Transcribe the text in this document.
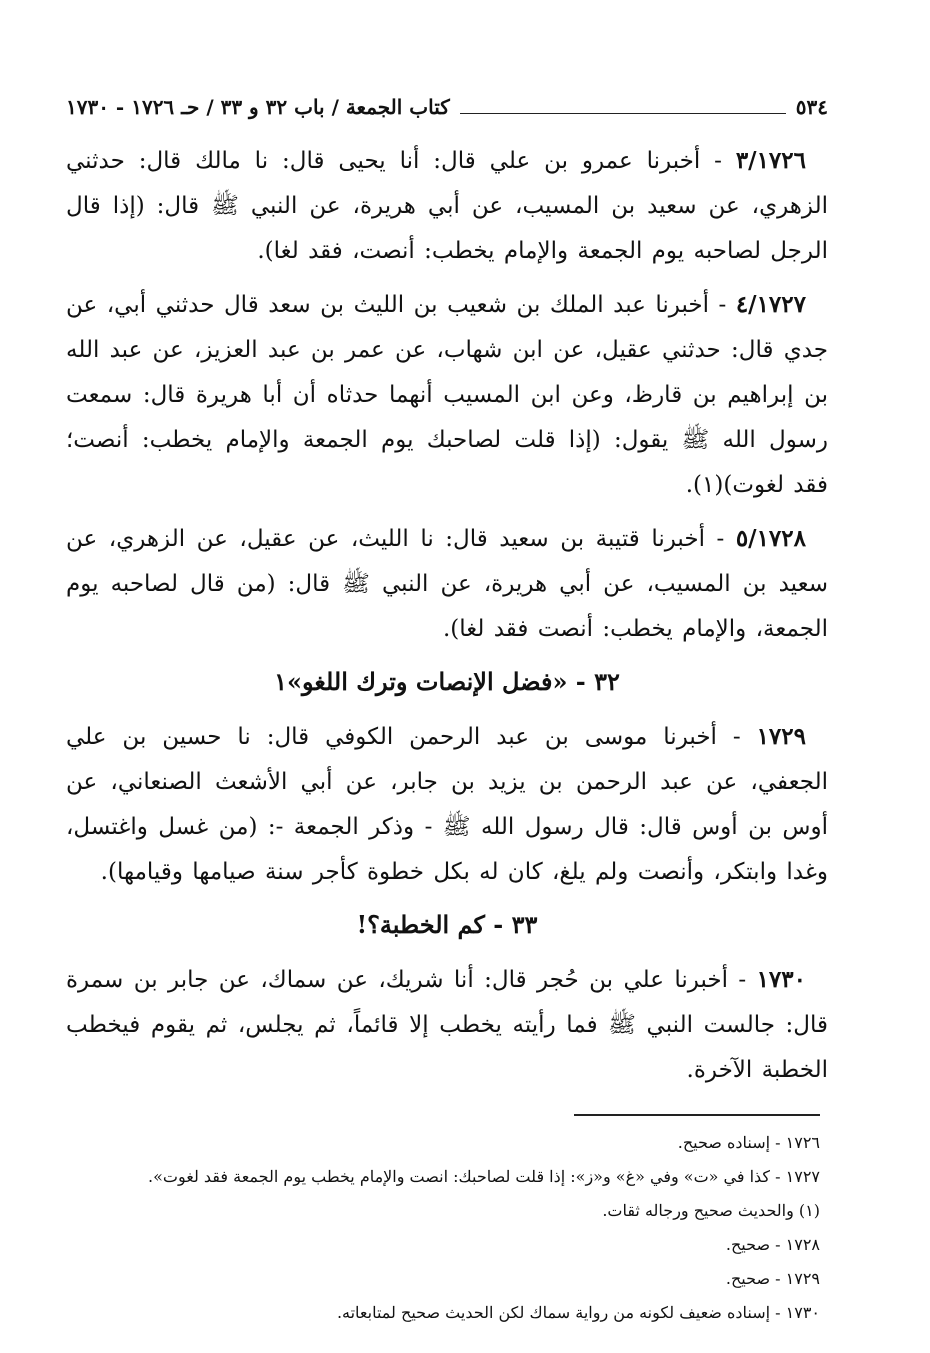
٥٣٤
كتاب الجمعة / باب ٣٢ و ٣٣ / حـ ١٧٢٦ - ١٧٣٠

٣/١٧٢٦ - أخبرنا عمرو بن علي قال: أنا يحيى قال: نا مالك قال: حدثني الزهري، عن سعيد بن المسيب، عن أبي هريرة، عن النبي ﷺ قال: (إذا قال الرجل لصاحبه يوم الجمعة والإمام يخطب: أنصت، فقد لغا).

٤/١٧٢٧ - أخبرنا عبد الملك بن شعيب بن الليث بن سعد قال حدثني أبي، عن جدي قال: حدثني عقيل، عن ابن شهاب، عن عمر بن عبد العزيز، عن عبد الله بن إبراهيم بن قارظ، وعن ابن المسيب أنهما حدثاه أن أبا هريرة قال: سمعت رسول الله ﷺ يقول: (إذا قلت لصاحبك يوم الجمعة والإمام يخطب: أنصت؛ فقد لغوت)(١).

٥/١٧٢٨ - أخبرنا قتيبة بن سعيد قال: نا الليث، عن عقيل، عن الزهري، عن سعيد بن المسيب، عن أبي هريرة، عن النبي ﷺ قال: (من قال لصاحبه يوم الجمعة، والإمام يخطب: أنصت فقد لغا).

٣٢ - «فضل الإنصات وترك اللغو»١

١٧٢٩ - أخبرنا موسى بن عبد الرحمن الكوفي قال: نا حسين بن علي الجعفي، عن عبد الرحمن بن يزيد بن جابر، عن أبي الأشعث الصنعاني، عن أوس بن أوس قال: قال رسول الله ﷺ - وذكر الجمعة -: (من غسل واغتسل، وغدا وابتكر، وأنصت ولم يلغ، كان له بكل خطوة كأجر سنة صيامها وقيامها).

٣٣ - كم الخطبة؟!

١٧٣٠ - أخبرنا علي بن حُجر قال: أنا شريك، عن سماك، عن جابر بن سمرة قال: جالست النبي ﷺ فما رأيته يخطب إلا قائماً، ثم يجلس، ثم يقوم فيخطب الخطبة الآخرة.

١٧٢٦ - إسناده صحيح.

١٧٢٧ - كذا في «ت» وفي «غ» و«ز»: إذا قلت لصاحبك: انصت والإمام يخطب يوم الجمعة فقد لغوت».

(١) والحديث صحيح ورجاله ثقات.

١٧٢٨ - صحيح.

١٧٢٩ - صحيح.

١٧٣٠ - إسناده ضعيف لكونه من رواية سماك لكن الحديث صحيح لمتابعاته.
